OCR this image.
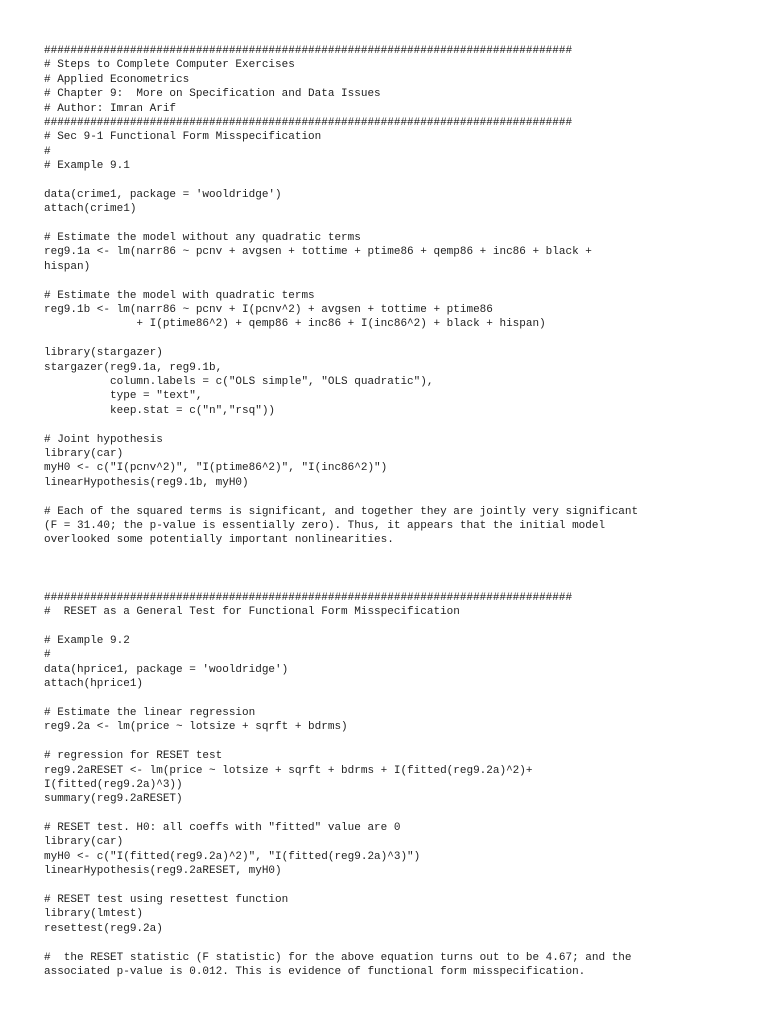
################################################################################
# Steps to Complete Computer Exercises
# Applied Econometrics
# Chapter 9:  More on Specification and Data Issues
# Author: Imran Arif
################################################################################
# Sec 9-1 Functional Form Misspecification
#
# Example 9.1
data(crime1, package = 'wooldridge')
attach(crime1)
# Estimate the model without any quadratic terms
reg9.1a <- lm(narr86 ~ pcnv + avgsen + tottime + ptime86 + qemp86 + inc86 + black +
hispan)
# Estimate the model with quadratic terms
reg9.1b <- lm(narr86 ~ pcnv + I(pcnv^2) + avgsen + tottime + ptime86
+ I(ptime86^2) + qemp86 + inc86 + I(inc86^2) + black + hispan)
library(stargazer)
stargazer(reg9.1a, reg9.1b,
column.labels = c("OLS simple", "OLS quadratic"),
type = "text",
keep.stat = c("n","rsq"))
# Joint hypothesis
library(car)
myH0 <- c("I(pcnv^2)", "I(ptime86^2)", "I(inc86^2)")
linearHypothesis(reg9.1b, myH0)
# Each of the squared terms is significant, and together they are jointly very significant
(F = 31.40; the p-value is essentially zero). Thus, it appears that the initial model
overlooked some potentially important nonlinearities.
################################################################################
#  RESET as a General Test for Functional Form Misspecification
# Example 9.2
#
data(hprice1, package = 'wooldridge')
attach(hprice1)
# Estimate the linear regression
reg9.2a <- lm(price ~ lotsize + sqrft + bdrms)
# regression for RESET test
reg9.2aRESET <- lm(price ~ lotsize + sqrft + bdrms + I(fitted(reg9.2a)^2)+
I(fitted(reg9.2a)^3))
summary(reg9.2aRESET)
# RESET test. H0: all coeffs with "fitted" value are 0
library(car)
myH0 <- c("I(fitted(reg9.2a)^2)", "I(fitted(reg9.2a)^3)")
linearHypothesis(reg9.2aRESET, myH0)
# RESET test using resettest function
library(lmtest)
resettest(reg9.2a)
#  the RESET statistic (F statistic) for the above equation turns out to be 4.67; and the
associated p-value is 0.012. This is evidence of functional form misspecification.
